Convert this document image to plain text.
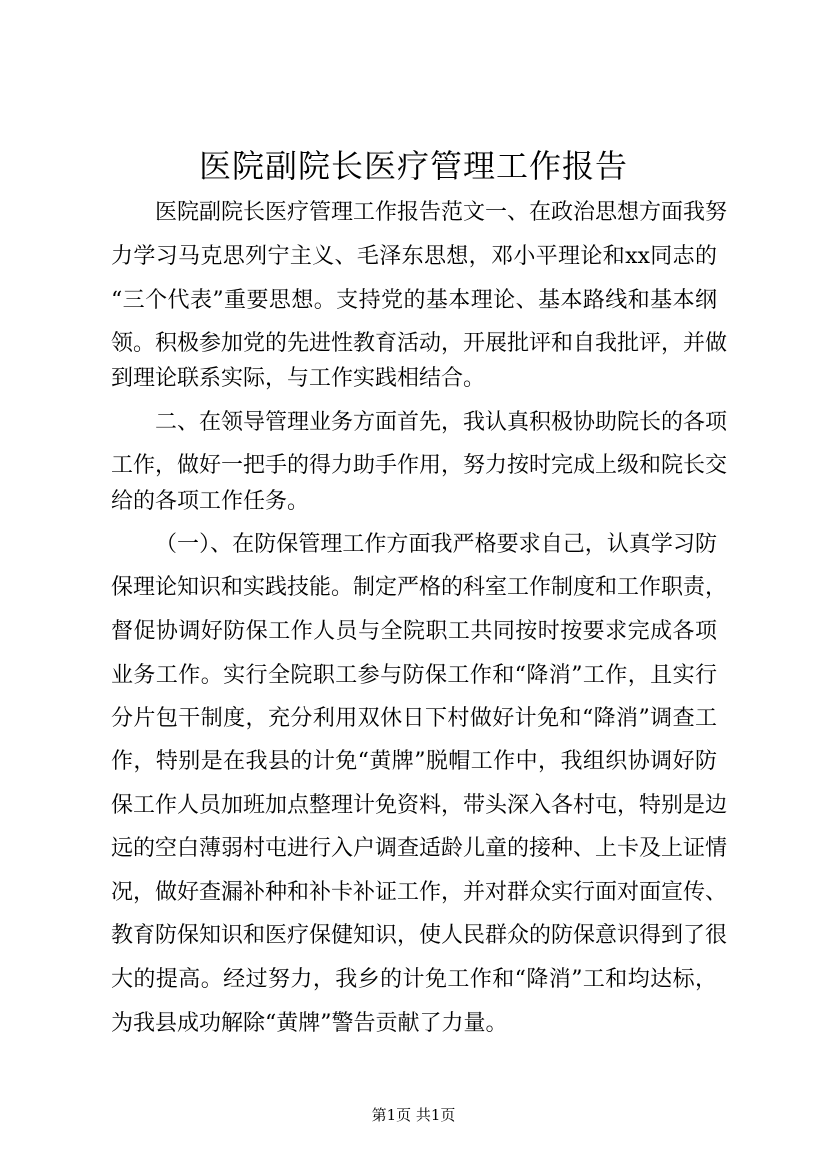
医院副院长医疗管理工作报告
医院副院长医疗管理工作报告范文一、在政治思想方面我努
力学习马克思列宁主义、毛泽东思想，邓小平理论和xx同志的
“三个代表”重要思想。支持党的基本理论、基本路线和基本纲
领。积极参加党的先进性教育活动，开展批评和自我批评，并做
到理论联系实际，与工作实践相结合。
二、在领导管理业务方面首先，我认真积极协助院长的各项
工作，做好一把手的得力助手作用，努力按时完成上级和院长交
给的各项工作任务。
（一）、在防保管理工作方面我严格要求自己，认真学习防
保理论知识和实践技能。制定严格的科室工作制度和工作职责，
督促协调好防保工作人员与全院职工共同按时按要求完成各项
业务工作。实行全院职工参与防保工作和“降消”工作，且实行
分片包干制度，充分利用双休日下村做好计免和“降消”调查工
作，特别是在我县的计免“黄牌”脱帽工作中，我组织协调好防
保工作人员加班加点整理计免资料，带头深入各村屯，特别是边
远的空白薄弱村屯进行入户调查适龄儿童的接种、上卡及上证情
况，做好查漏补种和补卡补证工作，并对群众实行面对面宣传、
教育防保知识和医疗保健知识，使人民群众的防保意识得到了很
大的提高。经过努力，我乡的计免工作和“降消”工和均达标，
为我县成功解除“黄牌”警告贡献了力量。
第1页 共1页
